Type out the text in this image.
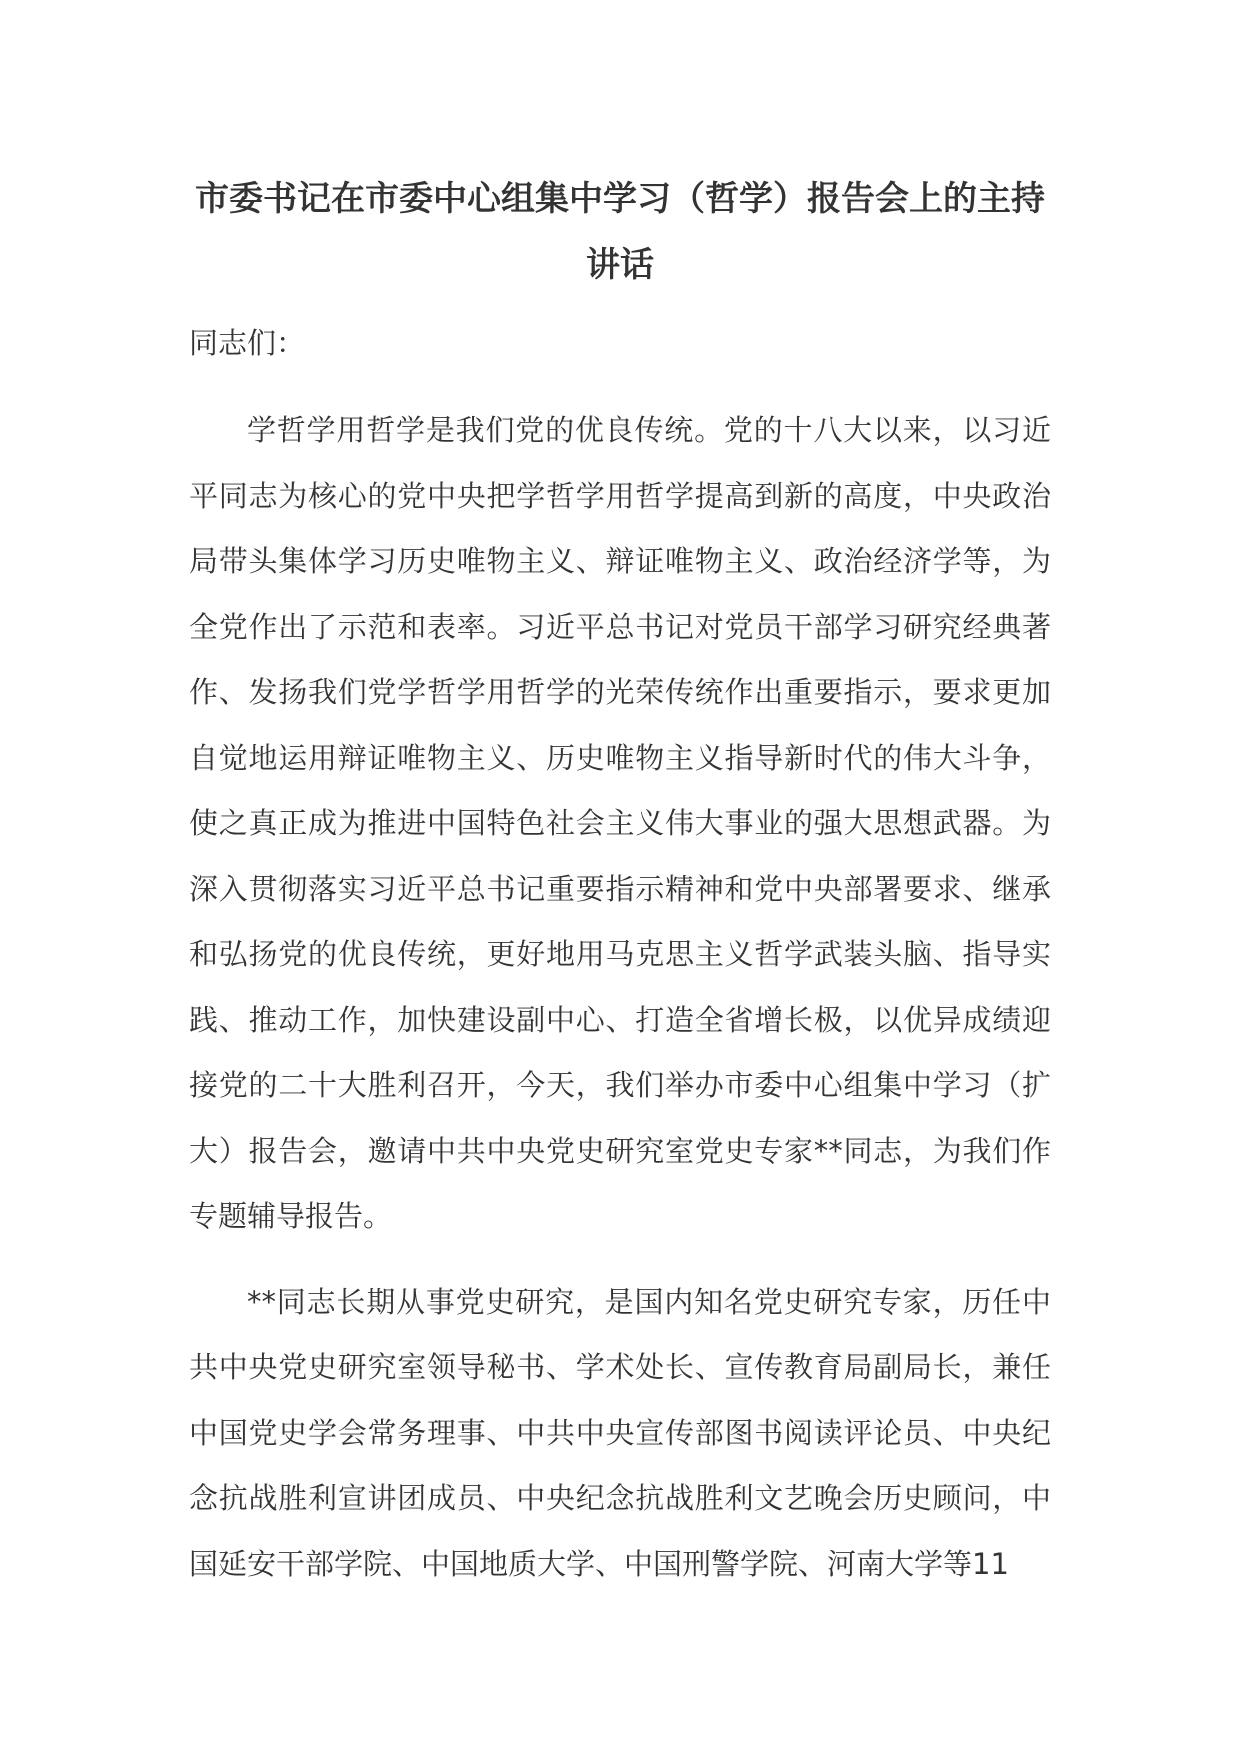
市委书记在市委中心组集中学习（哲学）报告会上的主持讲话

同志们：

学哲学用哲学是我们党的优良传统。党的十八大以来，以习近平同志为核心的党中央把学哲学用哲学提高到新的高度，中央政治局带头集体学习历史唯物主义、辩证唯物主义、政治经济学等，为全党作出了示范和表率。习近平总书记对党员干部学习研究经典著作、发扬我们党学哲学用哲学的光荣传统作出重要指示，要求更加自觉地运用辩证唯物主义、历史唯物主义指导新时代的伟大斗争，使之真正成为推进中国特色社会主义伟大事业的强大思想武器。为深入贯彻落实习近平总书记重要指示精神和党中央部署要求、继承和弘扬党的优良传统，更好地用马克思主义哲学武装头脑、指导实践、推动工作，加快建设副中心、打造全省增长极，以优异成绩迎接党的二十大胜利召开，今天，我们举办市委中心组集中学习（扩大）报告会，邀请中共中央党史研究室党史专家**同志，为我们作专题辅导报告。

**同志长期从事党史研究，是国内知名党史研究专家，历任中共中央党史研究室领导秘书、学术处长、宣传教育局副局长，兼任中国党史学会常务理事、中共中央宣传部图书阅读评论员、中央纪念抗战胜利宣讲团成员、中央纪念抗战胜利文艺晚会历史顾问，中国延安干部学院、中国地质大学、中国刑警学院、河南大学等11
